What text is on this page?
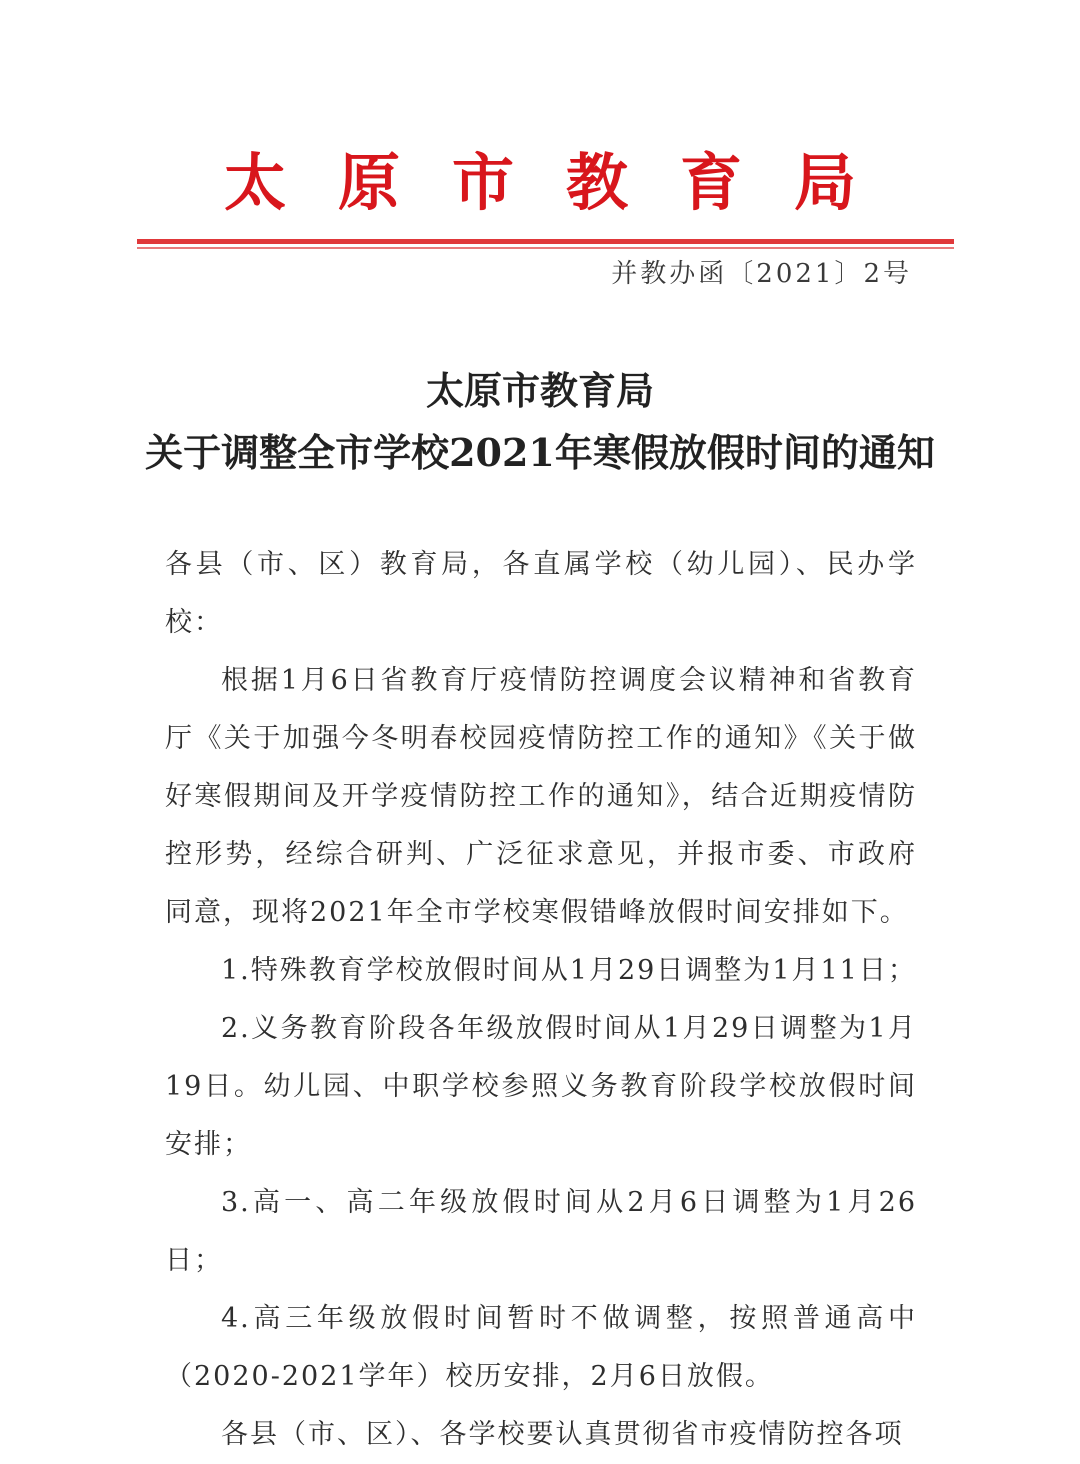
太原市教育局
并教办函〔2021〕2号
太原市教育局
关于调整全市学校2021年寒假放假时间的通知

各县（市、区）教育局，各直属学校（幼儿园）、民办学校：

根据1月6日省教育厅疫情防控调度会议精神和省教育厅《关于加强今冬明春校园疫情防控工作的通知》《关于做好寒假期间及开学疫情防控工作的通知》，结合近期疫情防控形势，经综合研判、广泛征求意见，并报市委、市政府同意，现将2021年全市学校寒假错峰放假时间安排如下。

1.特殊教育学校放假时间从1月29日调整为1月11日；

2.义务教育阶段各年级放假时间从1月29日调整为1月19日。幼儿园、中职学校参照义务教育阶段学校放假时间安排；

3.高一、高二年级放假时间从2月6日调整为1月26日；

4.高三年级放假时间暂时不做调整，按照普通高中（2020-2021学年）校历安排，2月6日放假。

各县（市、区）、各学校要认真贯彻省市疫情防控各项
